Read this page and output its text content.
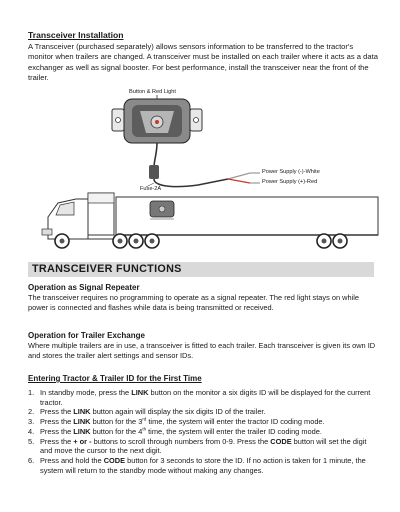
Transceiver Installation
A Transceiver (purchased separately) allows sensors information to be transferred to the tractor's monitor when trailers are changed. A transceiver must be installed on each trailer where it acts as a data exchanger as well as signal booster. For best performance, install the transceiver near the front of the trailer.
Button & Red Light
Fuse-2A
Power Supply (-)-White
Power Supply (+)-Red
TRANSCEIVER FUNCTIONS
Operation as Signal Repeater
The transceiver requires no programming to operate as a signal repeater. The red light stays on while power is connected and flashes while data is being transmitted or received.
Operation for Trailer Exchange
Where multiple trailers are in use, a transceiver is fitted to each trailer. Each transceiver is given its own ID and stores the trailer alert settings and sensor IDs.
Entering Tractor & Trailer ID for the First Time
1. In standby mode, press the LINK button on the monitor a six digits ID will be displayed for the current tractor.
2. Press the LINK button again will display the six digits ID of the trailer.
3. Press the LINK button for the 3rd time, the system will enter the tractor ID coding mode.
4. Press the LINK button for the 4th time, the system will enter the trailer ID coding mode.
5. Press the + or - buttons to scroll through numbers from 0-9. Press the CODE button will set the digit and move the cursor to the next digit.
6. Press and hold the CODE button for 3 seconds to store the ID. If no action is taken for 1 minute, the system will return to the standby mode without making any changes.
